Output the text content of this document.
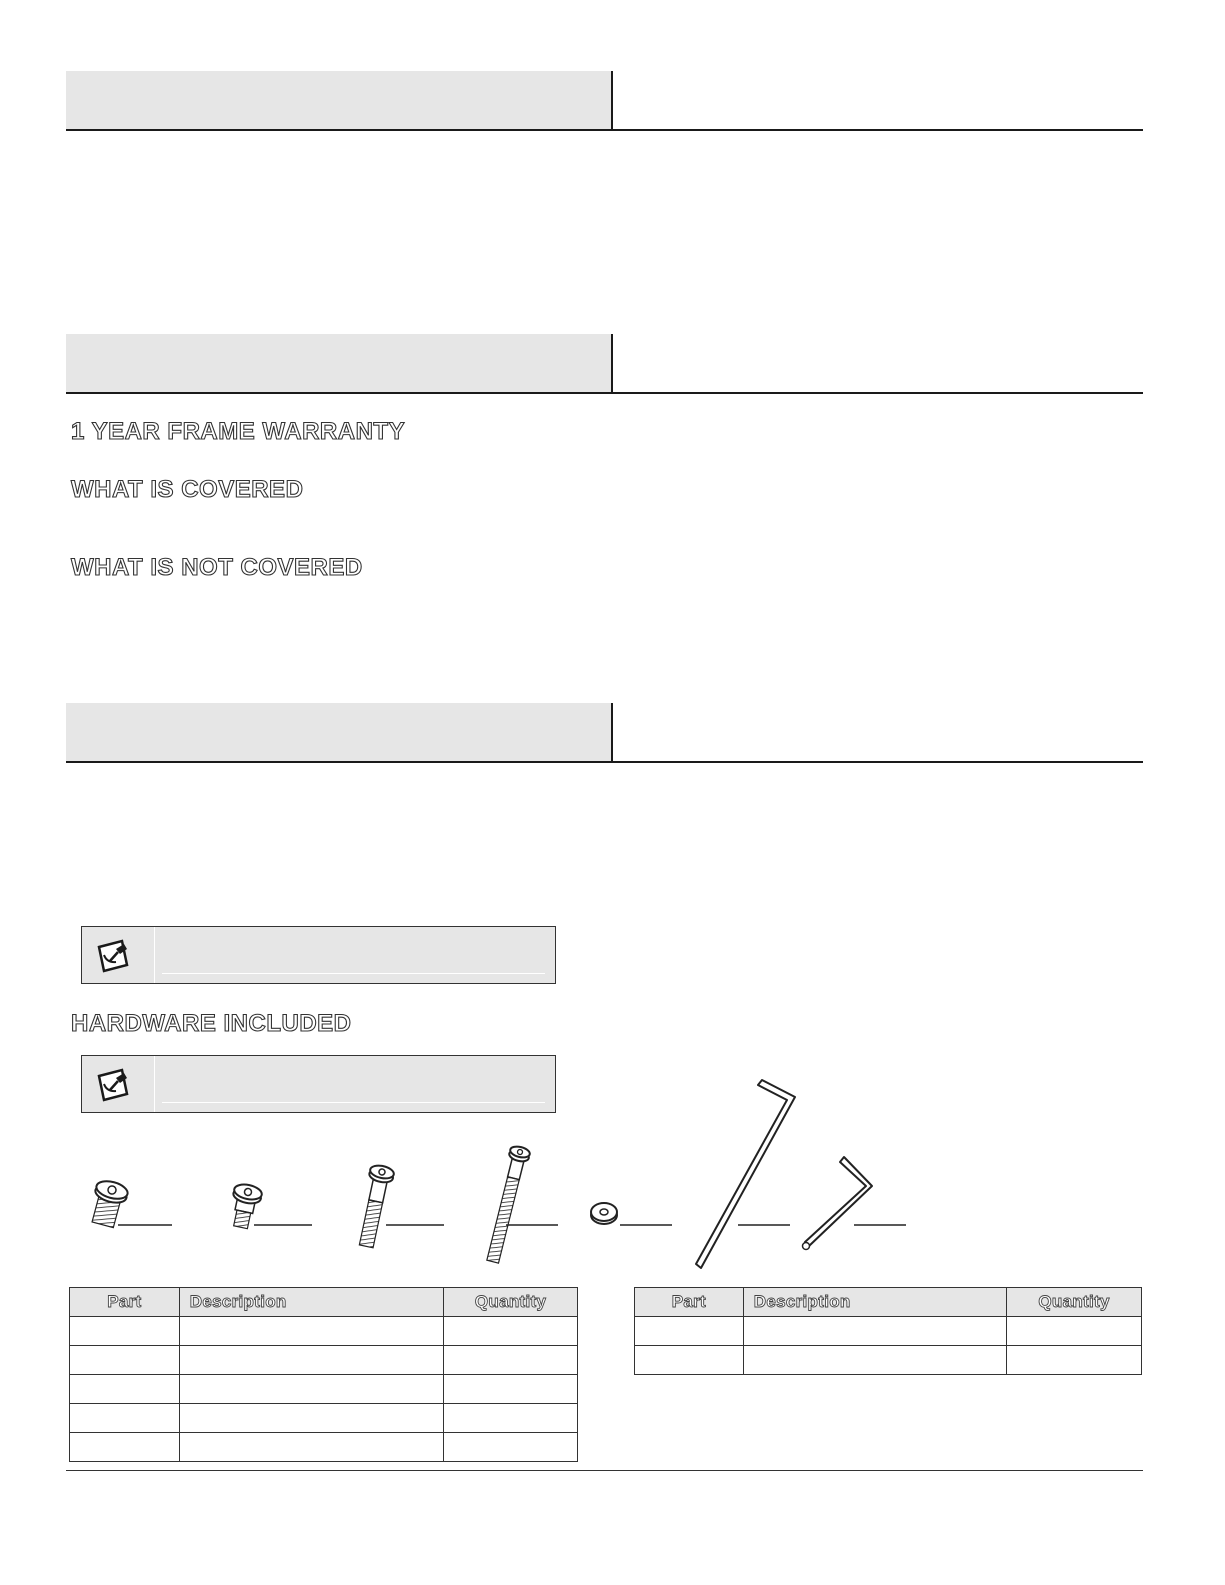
1 YEAR FRAME WARRANTY
WHAT IS COVERED
WHAT IS NOT COVERED
HARDWARE INCLUDED
Part	Description	Quantity

			Part	Description	Quantity
